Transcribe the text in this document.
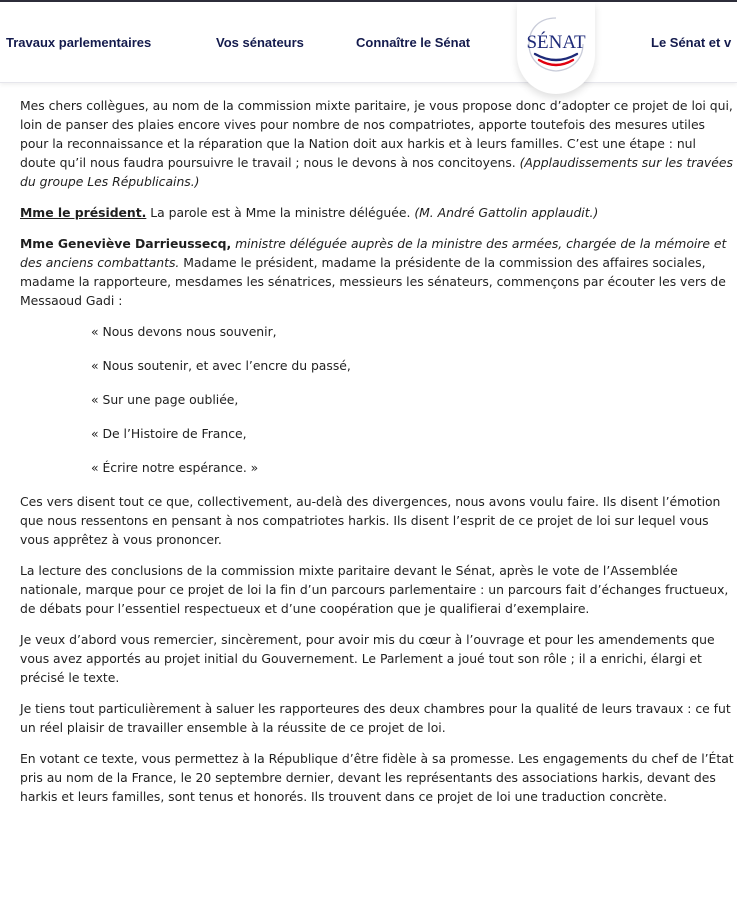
Travaux parlementaires	Vos sénateurs	Connaître le Sénat	Le Sénat et v
SÉNAT

Mes chers collègues, au nom de la commission mixte paritaire, je vous propose donc d’adopter ce projet de loi qui, loin de panser des plaies encore vives pour nombre de nos compatriotes, apporte toutefois des mesures utiles pour la reconnaissance et la réparation que la Nation doit aux harkis et à leurs familles. C’est une étape : nul doute qu’il nous faudra poursuivre le travail ; nous le devons à nos concitoyens. (Applaudissements sur les travées du groupe Les Républicains.)

Mme le président. La parole est à Mme la ministre déléguée. (M. André Gattolin applaudit.)

Mme Geneviève Darrieussecq, ministre déléguée auprès de la ministre des armées, chargée de la mémoire et des anciens combattants. Madame le président, madame la présidente de la commission des affaires sociales, madame la rapporteure, mesdames les sénatrices, messieurs les sénateurs, commençons par écouter les vers de Messaoud Gadi :

« Nous devons nous souvenir,

« Nous soutenir, et avec l’encre du passé,

« Sur une page oubliée,

« De l’Histoire de France,

« Écrire notre espérance. »

Ces vers disent tout ce que, collectivement, au-delà des divergences, nous avons voulu faire. Ils disent l’émotion que nous ressentons en pensant à nos compatriotes harkis. Ils disent l’esprit de ce projet de loi sur lequel vous vous apprêtez à vous prononcer.

La lecture des conclusions de la commission mixte paritaire devant le Sénat, après le vote de l’Assemblée nationale, marque pour ce projet de loi la fin d’un parcours parlementaire : un parcours fait d’échanges fructueux, de débats pour l’essentiel respectueux et d’une coopération que je qualifierai d’exemplaire.

Je veux d’abord vous remercier, sincèrement, pour avoir mis du cœur à l’ouvrage et pour les amendements que vous avez apportés au projet initial du Gouvernement. Le Parlement a joué tout son rôle ; il a enrichi, élargi et précisé le texte.

Je tiens tout particulièrement à saluer les rapporteures des deux chambres pour la qualité de leurs travaux : ce fut un réel plaisir de travailler ensemble à la réussite de ce projet de loi.

En votant ce texte, vous permettez à la République d’être fidèle à sa promesse. Les engagements du chef de l’État pris au nom de la France, le 20 septembre dernier, devant les représentants des associations harkis, devant des harkis et leurs familles, sont tenus et honorés. Ils trouvent dans ce projet de loi une traduction concrète.
